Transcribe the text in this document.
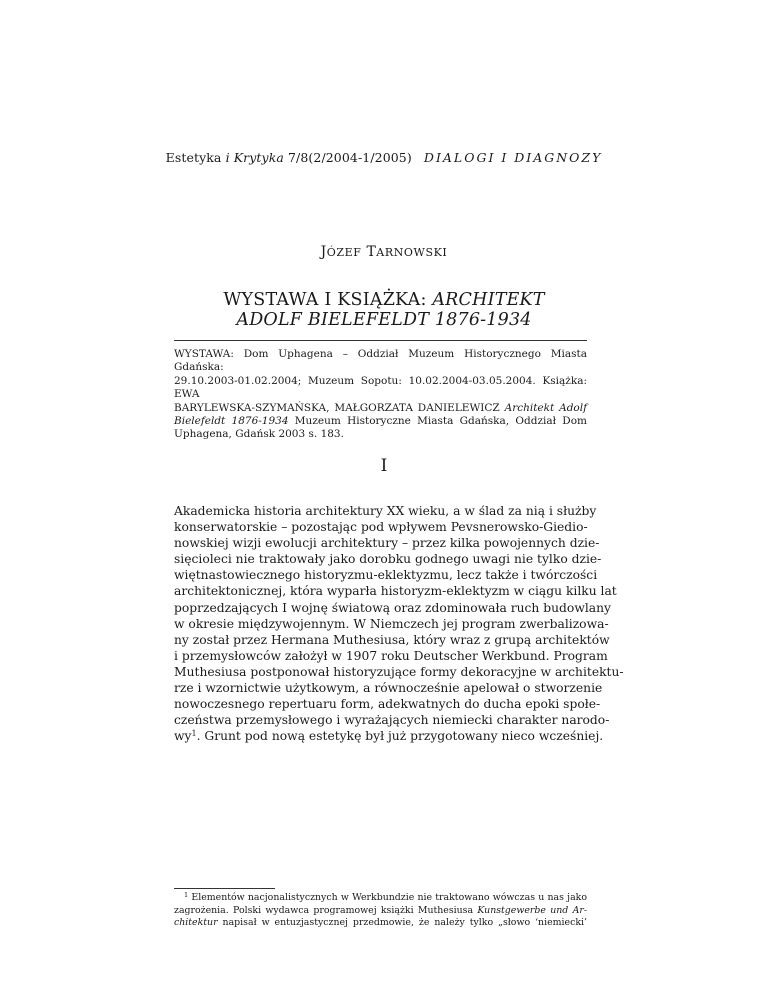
Estetyka i Krytyka 7/8(2/2004-1/2005) DIALOGI I DIAGNOZY
JÓZEF TARNOWSKI
WYSTAWA I KSIĄŻKA: ARCHITEKT
ADOLF BIELEFELDT 1876-1934
WYSTAWA: Dom Uphagena – Oddział Muzeum Historycznego Miasta Gdańska:
29.10.2003-01.02.2004; Muzeum Sopotu: 10.02.2004-03.05.2004. Książka: EWA
BARYLEWSKA-SZYMAŃSKA, MAŁGORZATA DANIELEWICZ Architekt Adolf
Bielefeldt 1876-1934 Muzeum Historyczne Miasta Gdańska, Oddział Dom
Uphagena, Gdańsk 2003 s. 183.
I
Akademicka historia architektury XX wieku, a w ślad za nią i służby
konserwatorskie – pozostając pod wpływem Pevsnerowsko-Giedio-
nowskiej wizji ewolucji architektury – przez kilka powojennych dzie-
sięcioleci nie traktowały jako dorobku godnego uwagi nie tylko dzie-
więtnastowiecznego historyzmu-eklektyzmu, lecz także i twórczości
architektonicznej, która wyparła historyzm-eklektyzm w ciągu kilku lat
poprzedzających I wojnę światową oraz zdominowała ruch budowlany
w okresie międzywojennym. W Niemczech jej program zwerbalizowa-
ny został przez Hermana Muthesiusa, który wraz z grupą architektów
i przemysłowców założył w 1907 roku Deutscher Werkbund. Program
Muthesiusa postponował historyzujące formy dekoracyjne w architektu-
rze i wzornictwie użytkowym, a równocześnie apelował o stworzenie
nowoczesnego repertuaru form, adekwatnych do ducha epoki społe-
czeństwa przemysłowego i wyrażających niemiecki charakter narodo-
$wy^1$. Grunt pod nową estetykę był już przygotowany nieco wcześniej.
$^1$ Elementów nacjonalistycznych w Werkbundzie nie traktowano wówczas u nas jako
zagrożenia. Polski wydawca programowej książki Muthesiusa Kunstgewerbe und Ar-
chitektur napisał w entuzjastycznej przedmowie, że należy tylko „słowo ‘niemiecki’
